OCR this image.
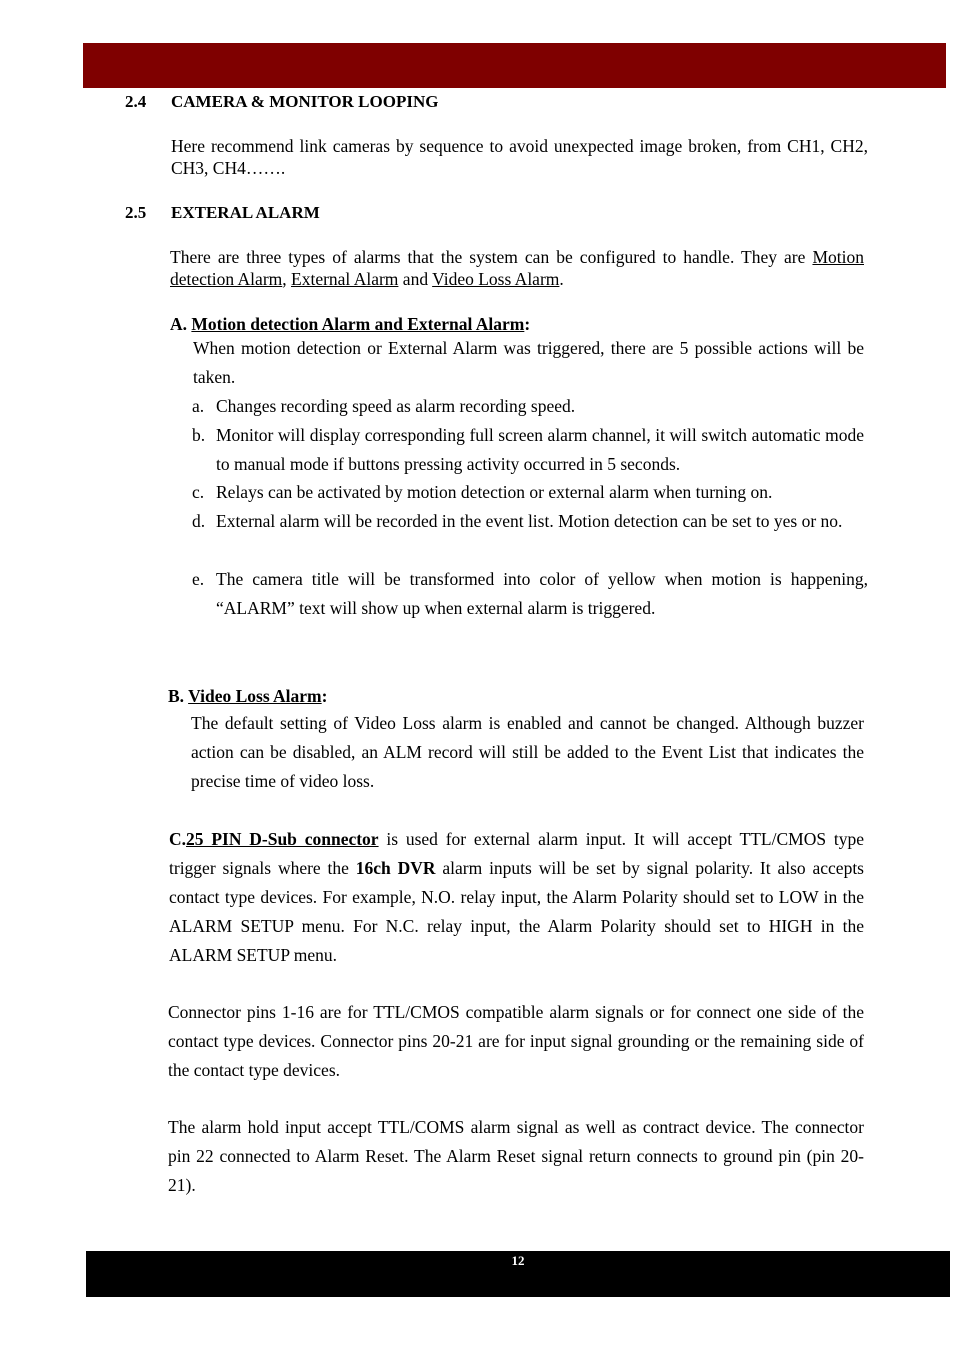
2.4 CAMERA & MONITOR LOOPING
Here recommend link cameras by sequence to avoid unexpected image broken, from CH1, CH2, CH3, CH4…….
2.5 EXTERAL ALARM
There are three types of alarms that the system can be configured to handle. They are Motion detection Alarm, External Alarm and Video Loss Alarm.
A. Motion detection Alarm and External Alarm:
When motion detection or External Alarm was triggered, there are 5 possible actions will be taken.
a. Changes recording speed as alarm recording speed.
b. Monitor will display corresponding full screen alarm channel, it will switch automatic mode to manual mode if buttons pressing activity occurred in 5 seconds.
c. Relays can be activated by motion detection or external alarm when turning on.
d. External alarm will be recorded in the event list. Motion detection can be set to yes or no.
e. The camera title will be transformed into color of yellow when motion is happening, “ALARM” text will show up when external alarm is triggered.
B. Video Loss Alarm:
The default setting of Video Loss alarm is enabled and cannot be changed. Although buzzer action can be disabled, an ALM record will still be added to the Event List that indicates the precise time of video loss.
C.25 PIN D-Sub connector is used for external alarm input. It will accept TTL/CMOS type trigger signals where the 16ch DVR alarm inputs will be set by signal polarity. It also accepts contact type devices. For example, N.O. relay input, the Alarm Polarity should set to LOW in the ALARM SETUP menu. For N.C. relay input, the Alarm Polarity should set to HIGH in the ALARM SETUP menu.
Connector pins 1-16 are for TTL/CMOS compatible alarm signals or for connect one side of the contact type devices. Connector pins 20-21 are for input signal grounding or the remaining side of the contact type devices.
The alarm hold input accept TTL/COMS alarm signal as well as contract device. The connector pin 22 connected to Alarm Reset. The Alarm Reset signal return connects to ground pin (pin 20-21).
12
